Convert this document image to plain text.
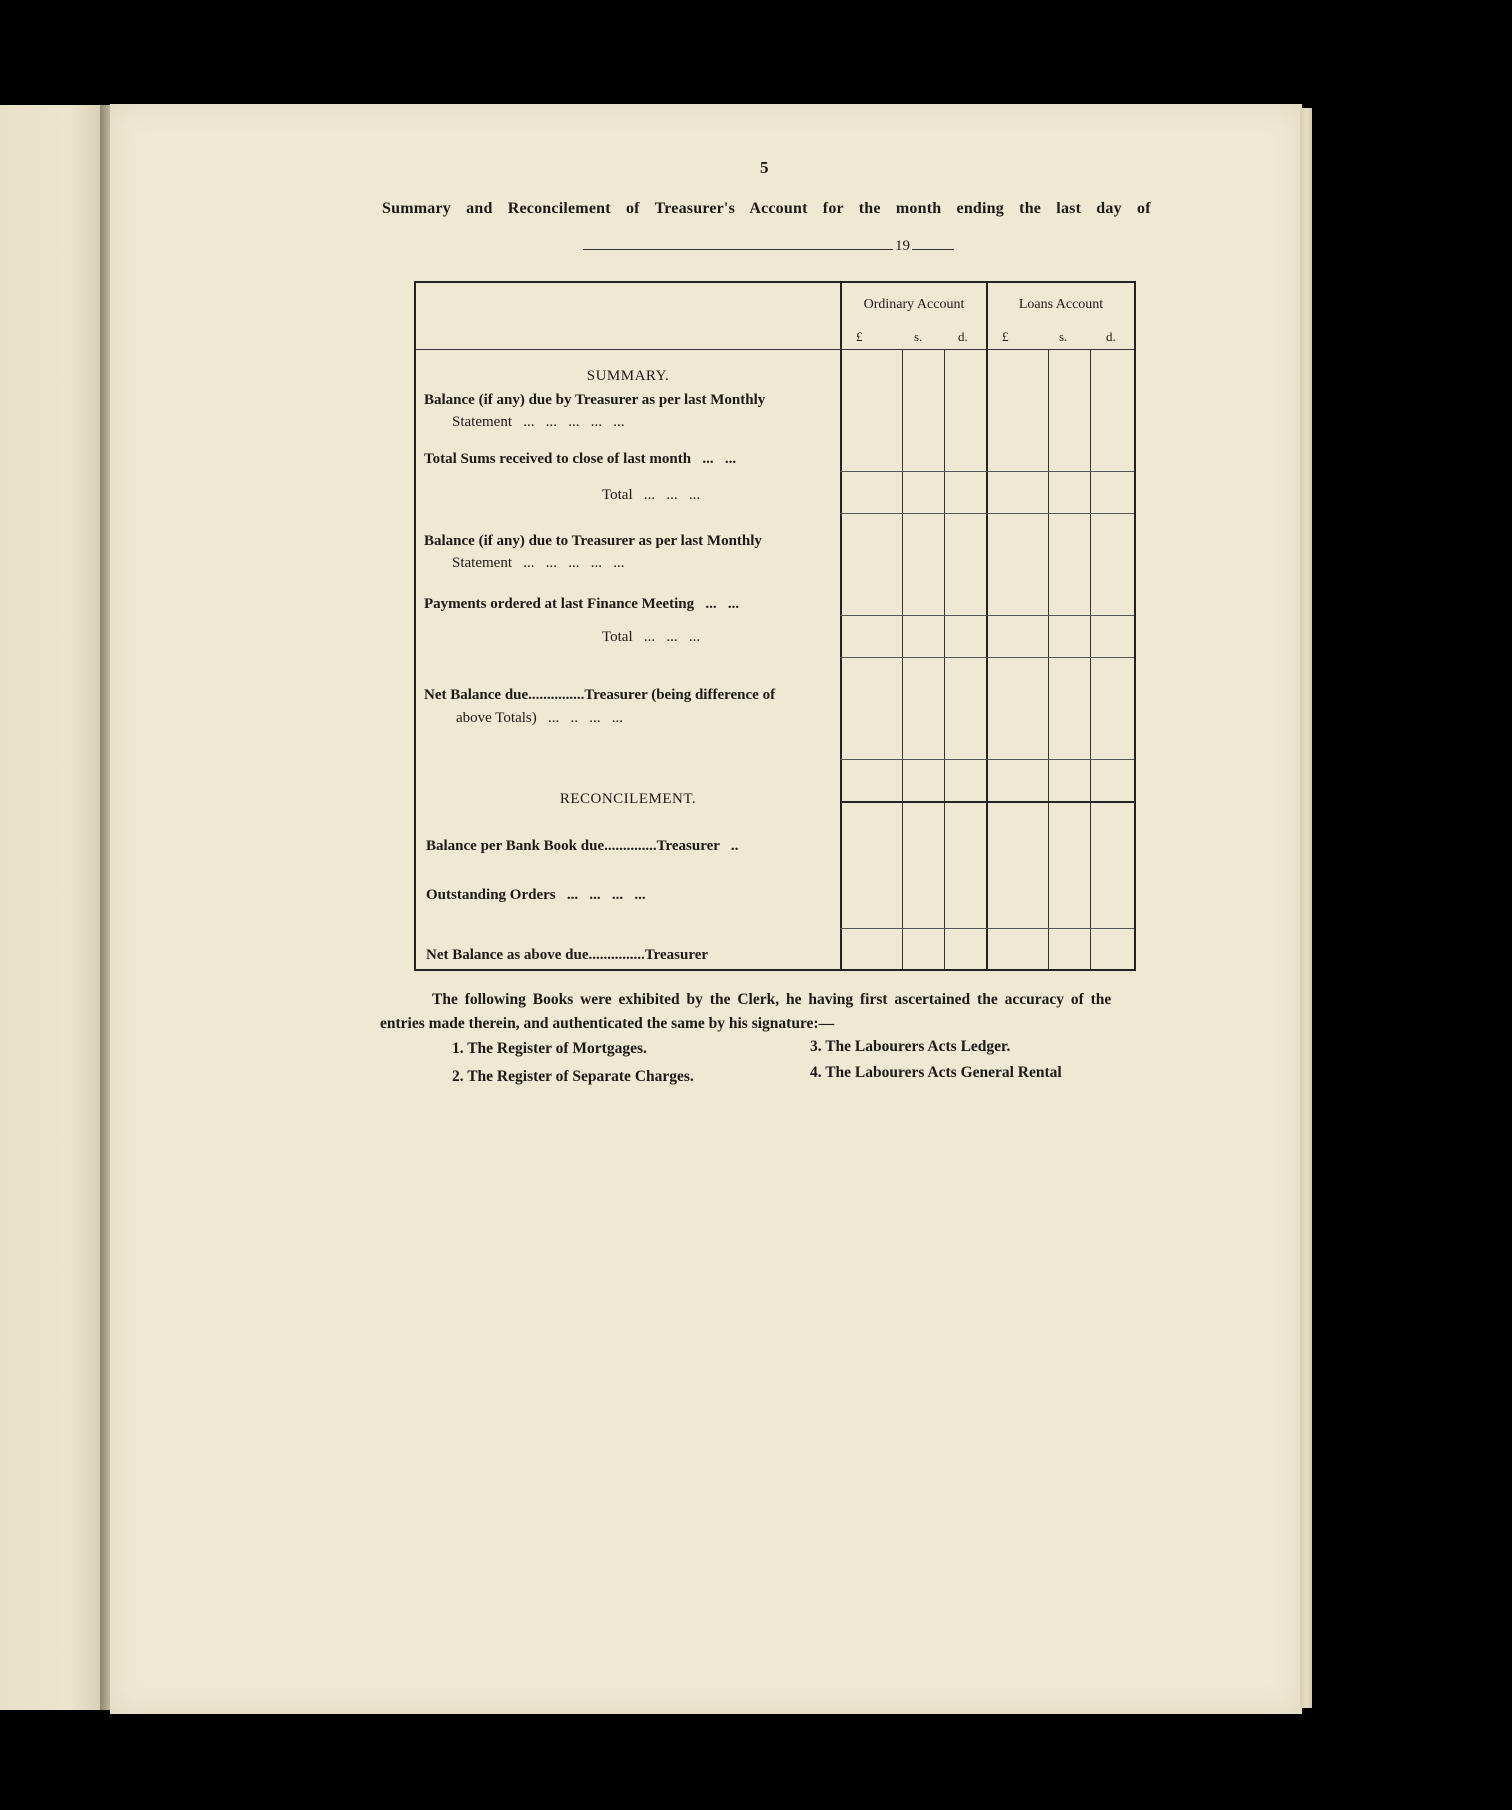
5
Summary and Reconcilement of Treasurer's Account for the month ending the last day of
19
Ordinary Account	Loans Account
£	s.	d.	£	s.	d.
SUMMARY.
Balance (if any) due by Treasurer as per last Monthly
Statement   ...   ...   ...   ...   ...
Total Sums received to close of last month   ...   ...
Total   ...   ...   ...
Balance (if any) due to Treasurer as per last Monthly
Statement   ...   ...   ...   ...   ...
Payments ordered at last Finance Meeting   ...   ...
Total   ...   ...   ...
Net Balance due...............Treasurer (being difference of
above Totals)   ...   ..   ...   ...
RECONCILEMENT.
Balance per Bank Book due..............Treasurer   ..
Outstanding Orders   ...   ...   ...   ...
Net Balance as above due...............Treasurer

The following Books were exhibited by the Clerk, he having first ascertained the accuracy of the

entries made therein, and authenticated the same by his signature:—
1. The Register of Mortgages.
2. The Register of Separate Charges.
3. The Labourers Acts Ledger.
4. The Labourers Acts General Rental
